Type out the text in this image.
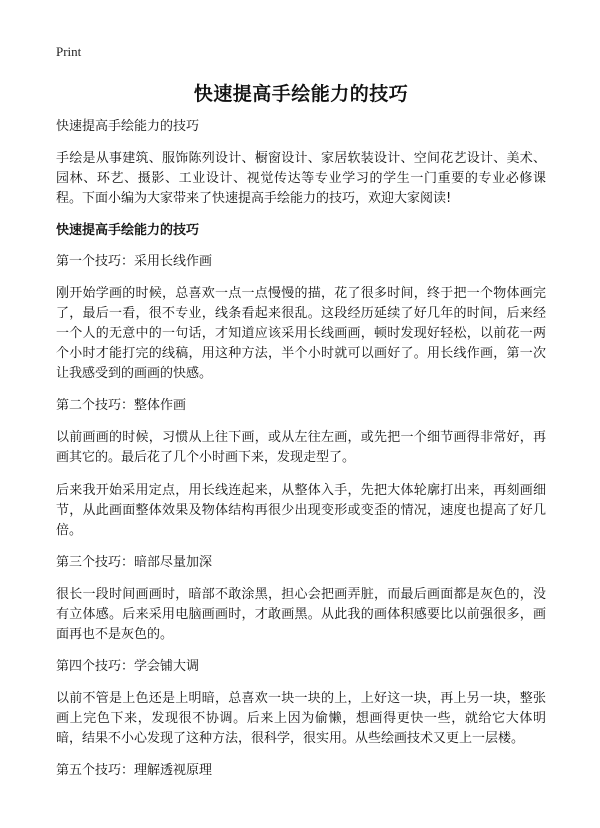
Print
快速提高手绘能力的技巧
快速提高手绘能力的技巧

手绘是从事建筑、服饰陈列设计、橱窗设计、家居软装设计、空间花艺设计、美术、园林、环艺、摄影、工业设计、视觉传达等专业学习的学生一门重要的专业必修课程。下面小编为大家带来了快速提高手绘能力的技巧，欢迎大家阅读!

快速提高手绘能力的技巧
第一个技巧：采用长线作画

刚开始学画的时候，总喜欢一点一点慢慢的描，花了很多时间，终于把一个物体画完了，最后一看，很不专业，线条看起来很乱。这段经历延续了好几年的时间，后来经一个人的无意中的一句话，才知道应该采用长线画画，顿时发现好轻松，以前花一两个小时才能打完的线稿，用这种方法，半个小时就可以画好了。用长线作画，第一次让我感受到的画画的快感。

第二个技巧：整体作画

以前画画的时候，习惯从上往下画，或从左往左画，或先把一个细节画得非常好，再画其它的。最后花了几个小时画下来，发现走型了。

后来我开始采用定点，用长线连起来，从整体入手，先把大体轮廓打出来，再刻画细节，从此画面整体效果及物体结构再很少出现变形或变歪的情况，速度也提高了好几倍。

第三个技巧：暗部尽量加深

很长一段时间画画时，暗部不敢涂黑，担心会把画弄脏，而最后画面都是灰色的，没有立体感。后来采用电脑画画时，才敢画黑。从此我的画体积感要比以前强很多，画面再也不是灰色的。

第四个技巧：学会铺大调

以前不管是上色还是上明暗，总喜欢一块一块的上，上好这一块，再上另一块，整张画上完色下来，发现很不协调。后来上因为偷懒，想画得更快一些，就给它大体明暗，结果不小心发现了这种方法，很科学，很实用。从些绘画技术又更上一层楼。

第五个技巧：理解透视原理
